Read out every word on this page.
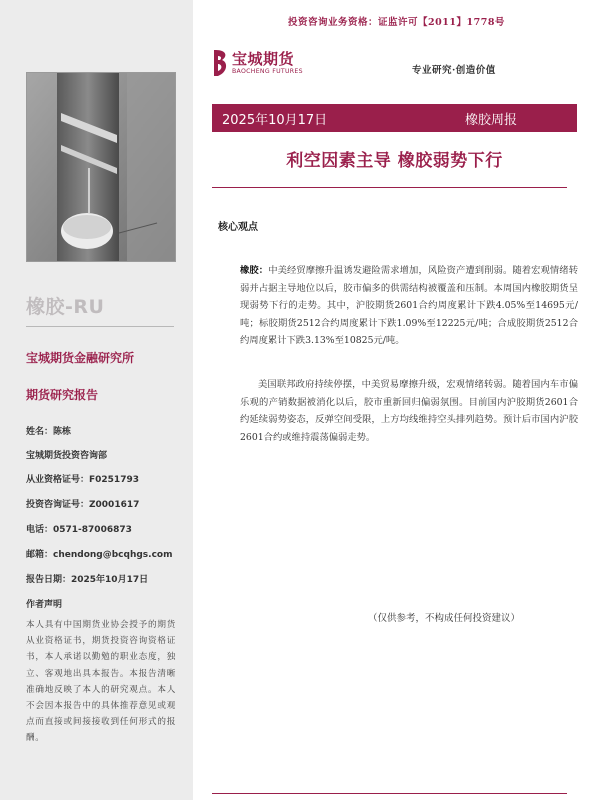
橡胶-RU
宝城期货金融研究所
期货研究报告
姓名：陈栋
宝城期货投资咨询部
从业资格证号：F0251793
投资咨询证号：Z0001617
电话：0571-87006873
邮箱：chendong@bcqhgs.com
报告日期：2025年10月17日
作者声明
本人具有中国期货业协会授予的期货从业资格证书，期货投资咨询资格证书，本人承诺以勤勉的职业态度，独立、客观地出具本报告。本报告清晰准确地反映了本人的研究观点。本人不会因本报告中的具体推荐意见或观点而直接或间接接收到任何形式的报酬。
投资咨询业务资格：证监许可【2011】1778号
宝城期货
BAOCHENG FUTURES	专业研究·创造价值
2025年10月17日	橡胶周报
利空因素主导 橡胶弱势下行
核心观点

橡胶：中美经贸摩擦升温诱发避险需求增加，风险资产遭到削弱。随着宏观情绪转弱并占据主导地位以后，胶市偏多的供需结构被覆盖和压制。本周国内橡胶期货呈现弱势下行的走势。其中，沪胶期货2601合约周度累计下跌4.05%至14695元/吨；标胶期货2512合约周度累计下跌1.09%至12225元/吨；合成胶期货2512合约周度累计下跌3.13%至10825元/吨。

美国联邦政府持续停摆，中美贸易摩擦升级，宏观情绪转弱。随着国内车市偏乐观的产销数据被消化以后，胶市重新回归偏弱氛围。目前国内沪胶期货2601合约延续弱势姿态，反弹空间受限，上方均线维持空头排列趋势。预计后市国内沪胶2601合约或维持震荡偏弱走势。

（仅供参考，不构成任何投资建议）
